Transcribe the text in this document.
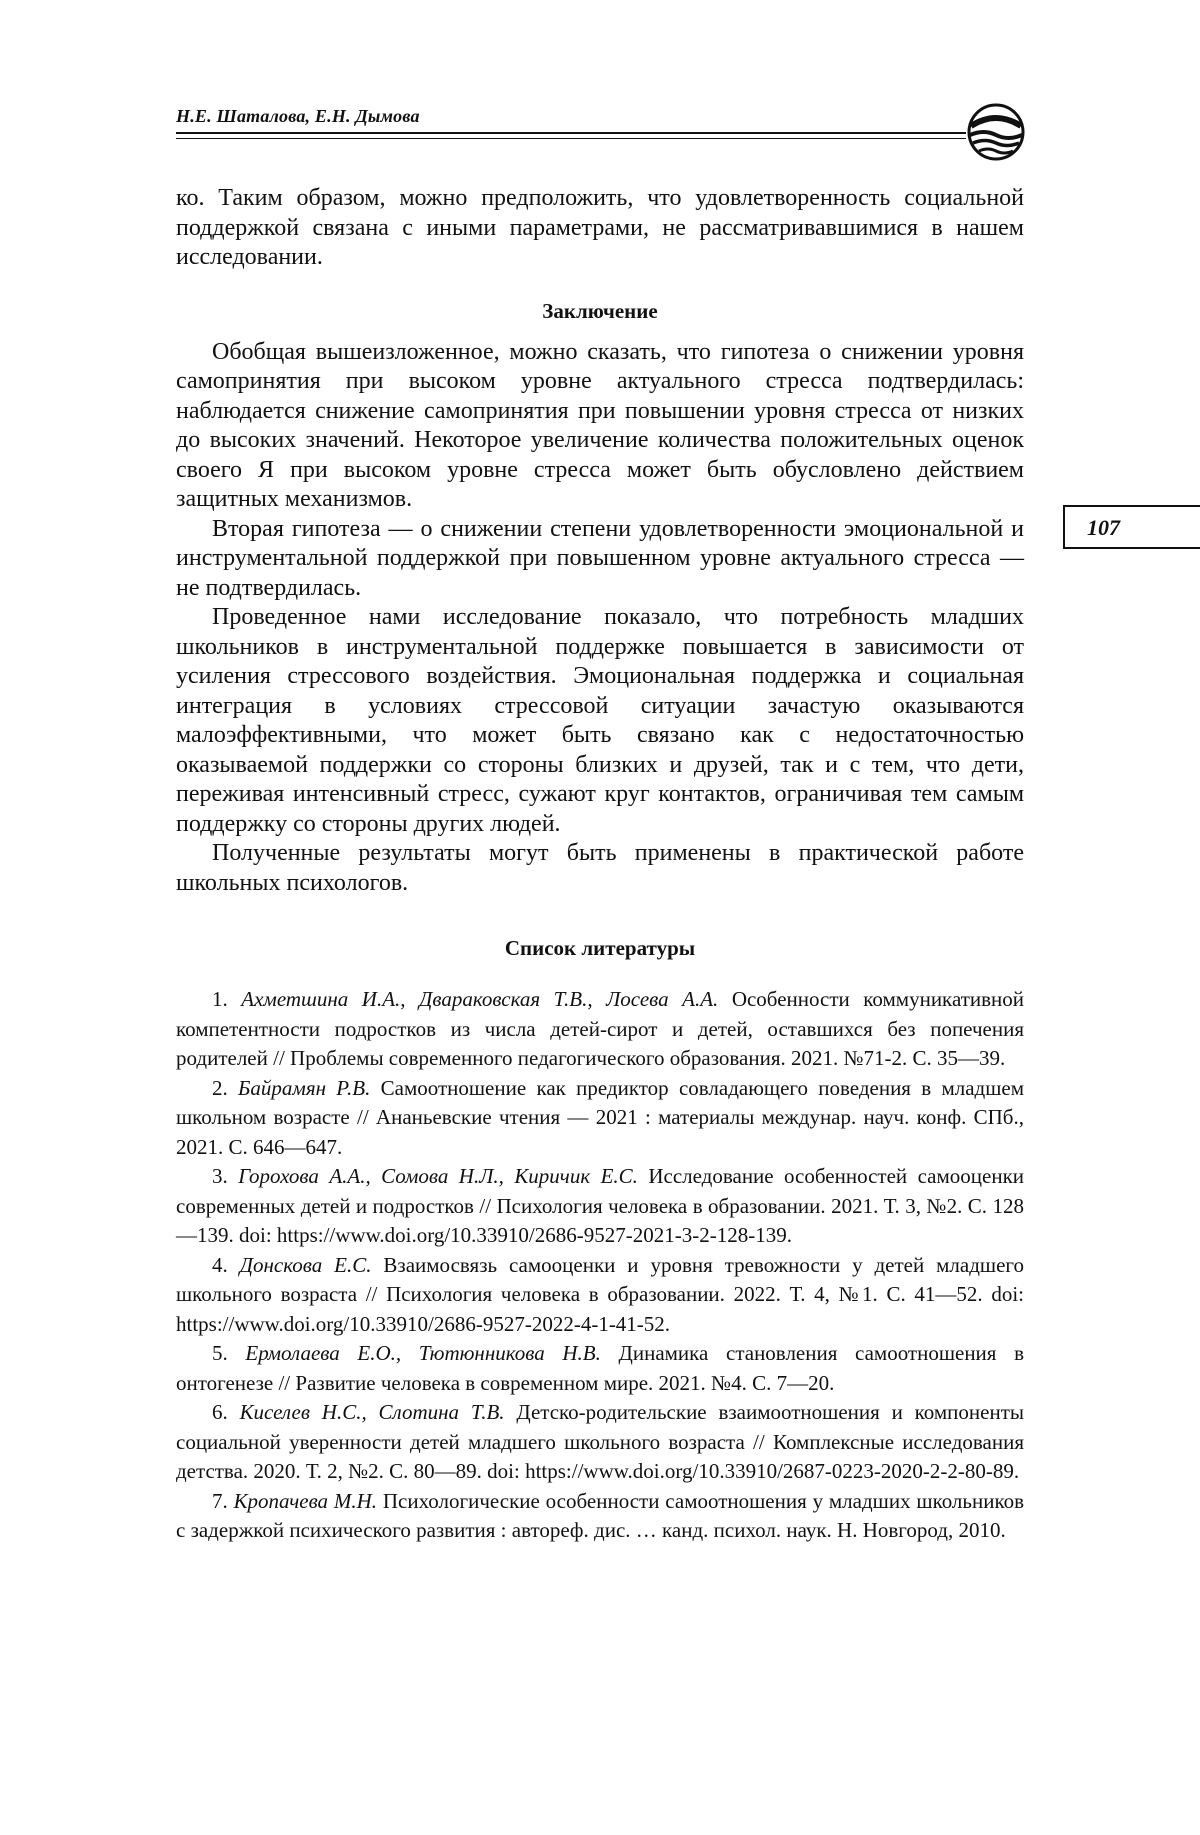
Н.Е. Шаталова, Е.Н. Дымова
107

ко. Таким образом, можно предположить, что удовлетворенность социальной поддержкой связана с иными параметрами, не рассматривавшимися в нашем исследовании.

Заключение

Обобщая вышеизложенное, можно сказать, что гипотеза о снижении уровня самопринятия при высоком уровне актуального стресса подтвердилась: наблюдается снижение самопринятия при повышении уровня стресса от низких до высоких значений. Некоторое увеличение количества положительных оценок своего Я при высоком уровне стресса может быть обусловлено действием защитных механизмов.

Вторая гипотеза — о снижении степени удовлетворенности эмоциональной и инструментальной поддержкой при повышенном уровне актуального стресса — не подтвердилась.

Проведенное нами исследование показало, что потребность младших школьников в инструментальной поддержке повышается в зависимости от усиления стрессового воздействия. Эмоциональная поддержка и социальная интеграция в условиях стрессовой ситуации зачастую оказываются малоэффективными, что может быть связано как с недостаточностью оказываемой поддержки со стороны близких и друзей, так и с тем, что дети, переживая интенсивный стресс, сужают круг контактов, ограничивая тем самым поддержку со стороны других людей.

Полученные результаты могут быть применены в практической работе школьных психологов.

Список литературы

1. Ахметшина И.А., Дваpаковская Т.В., Лосева А.А. Особенности коммуникативной компетентности подростков из числа детей-сирот и детей, оставшихся без попечения родителей // Проблемы современного педагогического образования. 2021. №71-2. С. 35—39.

2. Байрамян Р.В. Самоотношение как предиктор совладающего поведения в младшем школьном возрасте // Ананьевские чтения — 2021 : материалы междунар. науч. конф. СПб., 2021. С. 646—647.

3. Горохова А.А., Сомова Н.Л., Киричик Е.С. Исследование особенностей самооценки современных детей и подростков // Психология человека в образовании. 2021. Т. 3, №2. С. 128—139. doi: https://www.doi.org/10.33910/2686-9527-2021-3-2-128-139.

4. Донскова Е.С. Взаимосвязь самооценки и уровня тревожности у детей младшего школьного возраста // Психология человека в образовании. 2022. Т. 4, №1. С. 41—52. doi: https://www.doi.org/10.33910/2686-9527-2022-4-1-41-52.

5. Ермолаева Е.О., Тютюнникова Н.В. Динамика становления самоотношения в онтогенезе // Развитие человека в современном мире. 2021. №4. С. 7—20.

6. Киселев Н.С., Слотина Т.В. Детско-родительские взаимоотношения и компоненты социальной уверенности детей младшего школьного возраста // Комплексные исследования детства. 2020. Т. 2, №2. С. 80—89. doi: https://www.doi.org/10.33910/2687-0223-2020-2-2-80-89.

7. Кропачева М.Н. Психологические особенности самоотношения у младших школьников с задержкой психического развития : автореф. дис. … канд. психол. наук. Н. Новгород, 2010.
